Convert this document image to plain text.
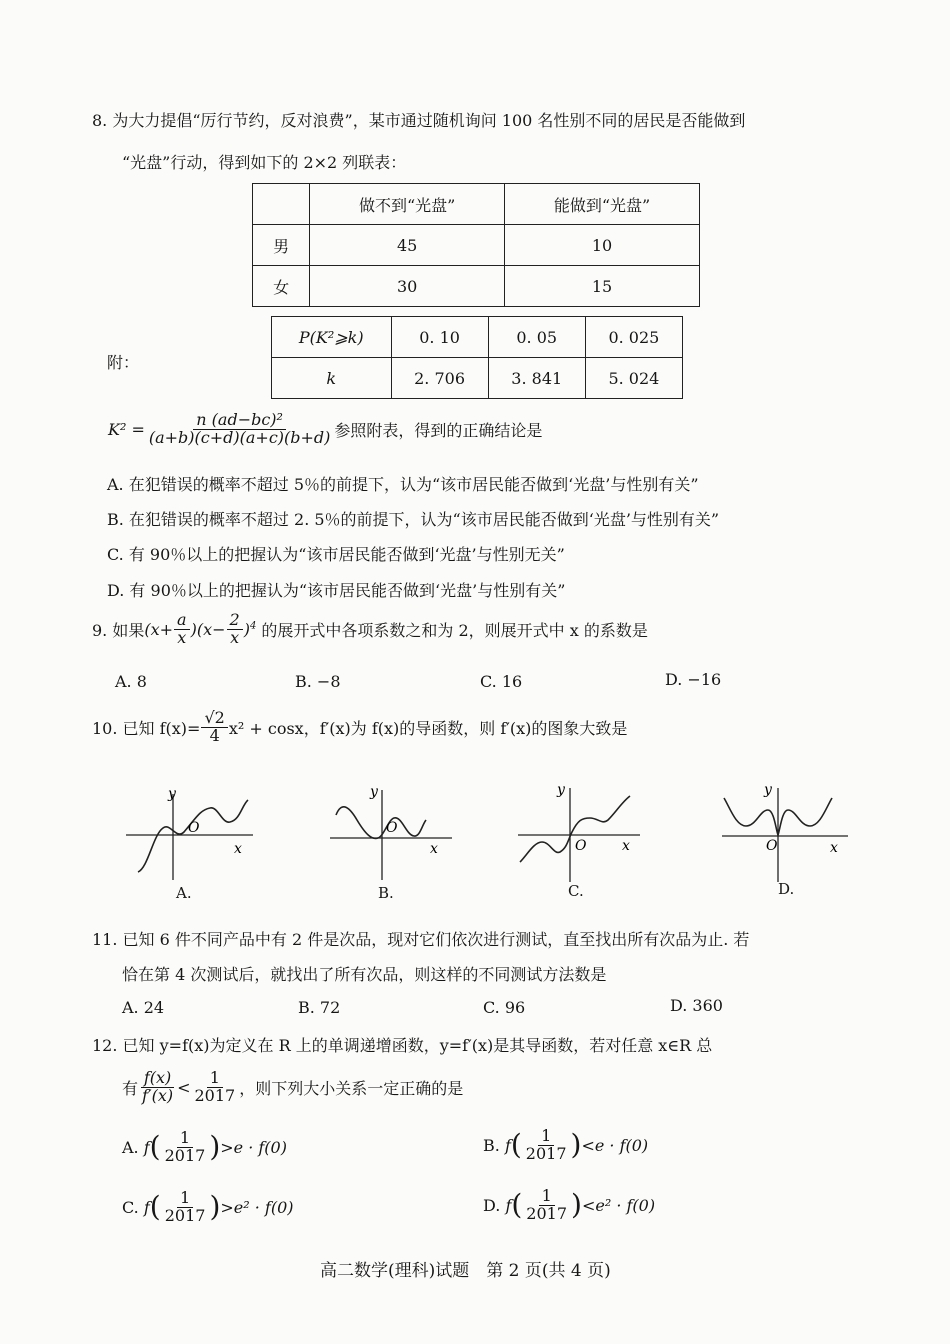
8. 为大力提倡“厉行节约，反对浪费”，某市通过随机询问 100 名性别不同的居民是否能做到
“光盘”行动，得到如下的 2×2 列联表：
	做不到“光盘”	能做到“光盘”
男	45	10
女	30	15
附：
P(K²⩾k)	0. 10	0. 05	0. 025
k	2. 706	3. 841	5. 024
$K^2 = \frac{\text{n (ad−bc)²}}{(a+b)(c+d)(a+c)(b+d)}$ 参照附表，得到的正确结论是
A. 在犯错误的概率不超过 5％的前提下，认为“该市居民能否做到‘光盘’与性别有关”
B. 在犯错误的概率不超过 2. 5％的前提下，认为“该市居民能否做到‘光盘’与性别有关”
C. 有 90％以上的把握认为“该市居民能否做到‘光盘’与性别无关”
D. 有 90％以上的把握认为“该市居民能否做到‘光盘’与性别有关”
9. 如果 $(x+ \frac{a}{x} )(x- \frac{2}{x} )^4$ 的展开式中各项系数之和为 2，则展开式中 x 的系数是
A. 8	B. −8	C. 16	D. −16
10. 已知 $f(x)= \frac{√2}{4} x^2 + \cos x$，f′(x)为 f(x)的导函数，则 f′(x)的图象大致是
y
x
O
A.
y
x
O
B.
y
x
O
C.
y
x
O
D.
11. 已知 6 件不同产品中有 2 件是次品，现对它们依次进行测试，直至找出所有次品为止. 若
恰在第 4 次测试后，就找出了所有次品，则这样的不同测试方法数是
A. 24	B. 72	C. 96	D. 360
12. 已知 y=f(x)为定义在 R 上的单调递增函数，y=f′(x)是其导函数，若对任意 x∈R 总
有 $\frac{f(x)}{f'(x)} < \frac{1}{2017}$ ，则下列大小关系一定正确的是
A.
f ( $\frac{1}{2017}$ ) >e · f(0)	B.
f ( $\frac{1}{2017}$ ) <e · f(0)
C.
f ( $\frac{1}{2017}$ ) >e² · f(0)	D.
f ( $\frac{1}{2017}$ ) <e² · f(0)
高二数学(理科)试题　第 2 页(共 4 页)
